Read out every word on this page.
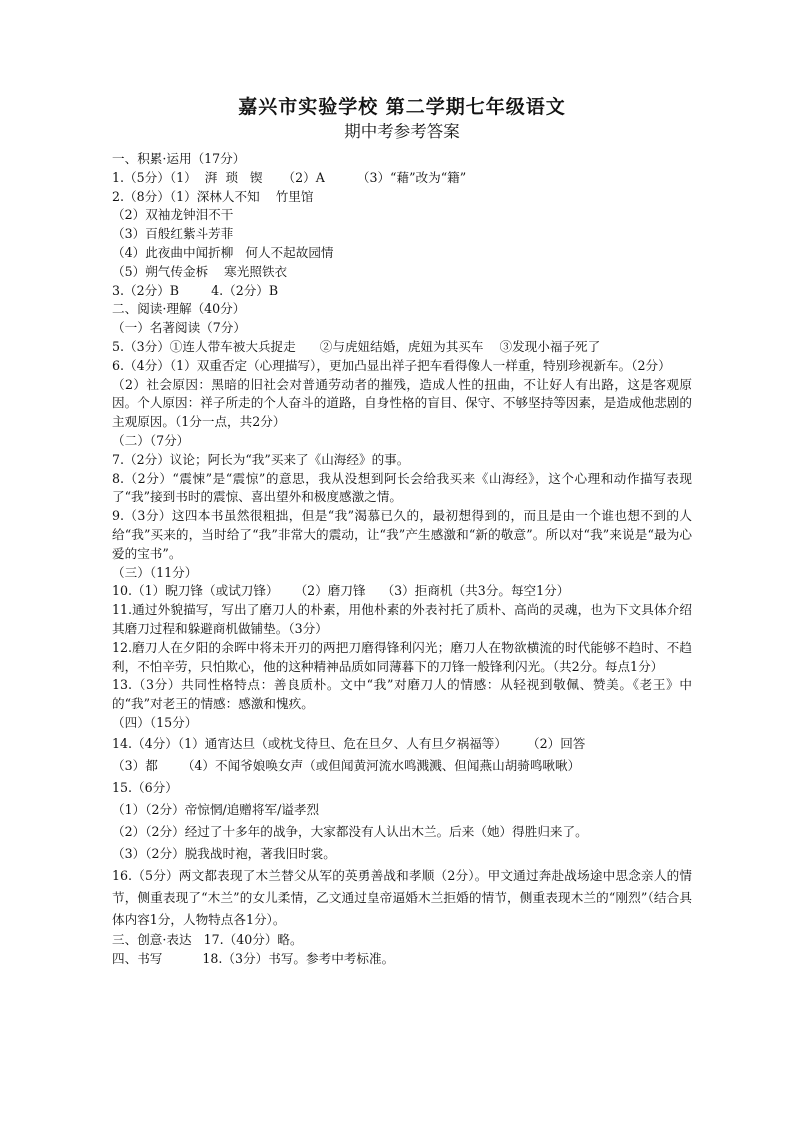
嘉兴市实验学校 第二学期七年级语文

期中考参考答案

一、积累·运用（17分）

1.（5分）（1）  湃  琐   锲     （2）A        （3）“藉”改为“籍”

2.（8分）（1）深林人不知    竹里馆

（2）双袖龙钟泪不干

（3）百般红紫斗芳菲

（4）此夜曲中闻折柳   何人不起故园情

（5）朔气传金柝    寒光照铁衣

3.（2分）B        4.（2分）B

二、阅读·理解（40分）

（一）名著阅读（7分）

5.（3分）①连人带车被大兵捉走      ②与虎妞结婚，虎妞为其买车    ③发现小福子死了

6.（4分）（1）双重否定（心理描写），更加凸显出祥子把车看得像人一样重，特别珍视新车。（2分）

（2）社会原因：黑暗的旧社会对普通劳动者的摧残，造成人性的扭曲，不让好人有出路，这是客观原因。个人原因：祥子所走的个人奋斗的道路，自身性格的盲目、保守、不够坚持等因素，是造成他悲剧的主观原因。（1分一点，共2分）

（二）（7分）

7.（2分）议论；阿长为“我”买来了《山海经》的事。

8.（2分）“震悚”是“震惊”的意思，我从没想到阿长会给我买来《山海经》，这个心理和动作描写表现了“我”接到书时的震惊、喜出望外和极度感激之情。

9.（3分）这四本书虽然很粗拙，但是“我”渴慕已久的，最初想得到的，而且是由一个谁也想不到的人给“我”买来的，当时给了“我”非常大的震动，让“我”产生感激和“新的敬意”。所以对“我”来说是“最为心爱的宝书”。

（三）（11分）

10.（1）睨刀锋（或试刀锋）    （2）磨刀锋    （3）拒商机（共3分。每空1分）

11.通过外貌描写，写出了磨刀人的朴素，用他朴素的外表衬托了质朴、高尚的灵魂，也为下文具体介绍其磨刀过程和躲避商机做铺垫。（3分）

12.磨刀人在夕阳的余晖中将未开刃的两把刀磨得锋利闪光；磨刀人在物欲横流的时代能够不趋时、不趋利，不怕辛劳，只怕欺心，他的这种精神品质如同薄暮下的刀锋一般锋利闪光。（共2分。每点1分）

13.（3分）共同性格特点：善良质朴。文中“我”对磨刀人的情感：从轻视到敬佩、赞美。《老王》中的“我”对老王的情感：感激和愧疚。

（四）（15分）

14.（4分）（1）通宵达旦（或枕戈待旦、危在旦夕、人有旦夕祸福等）     （2）回答

（3）都      （4）不闻爷娘唤女声（或但闻黄河流水鸣溅溅、但闻燕山胡骑鸣啾啾）

15.（6分）

（1）（2分）帝惊惘/追赠将军/谥孝烈

（2）（2分）经过了十多年的战争，大家都没有人认出木兰。后来（她）得胜归来了。

（3）（2分）脱我战时袍，著我旧时裳。

16.（5分）两文都表现了木兰替父从军的英勇善战和孝顺（2分）。甲文通过奔赴战场途中思念亲人的情节，侧重表现了“木兰”的女儿柔情，乙文通过皇帝逼婚木兰拒婚的情节，侧重表现木兰的“刚烈”（结合具体内容1分，人物特点各1分）。

三、创意·表达   17.（40分）略。

四、书写          18.（3分）书写。参考中考标准。
